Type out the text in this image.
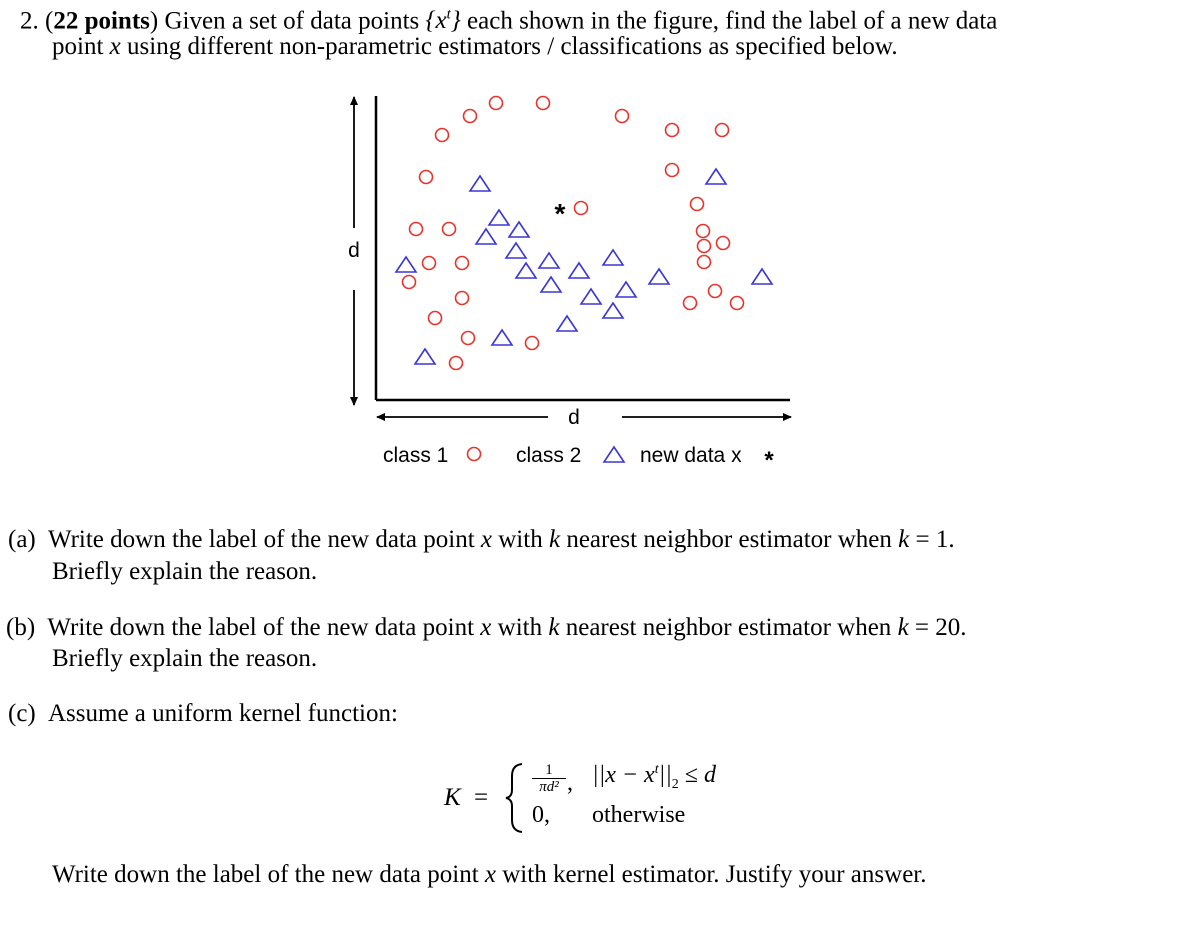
2. (22 points) Given a set of data points $\{x^t\}$ each shown in the figure, find the label of a new data
point x using different non-parametric estimators / classifications as specified below.
d
d
*
class 1	class 2	new data x *
(a) Write down the label of the new data point x with k nearest neighbor estimator when k = 1.
Briefly explain the reason.
(b) Write down the label of the new data point x with k nearest neighbor estimator when k = 20.
Briefly explain the reason.
(c) Assume a uniform kernel function:
K =
1
πd² , $||x - x^t||_2 \le d$
0, otherwise
Write down the label of the new data point x with kernel estimator. Justify your answer.
